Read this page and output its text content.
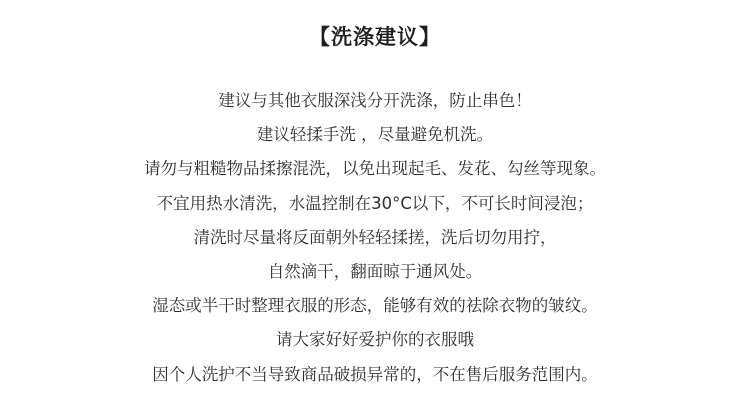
【洗涤建议】
建议与其他衣服深浅分开洗涤，防止串色！
建议轻揉手洗 ，尽量避免机洗。
请勿与粗糙物品揉擦混洗，以免出现起毛、发花、勾丝等现象。
不宜用热水清洗，水温控制在30°C以下，不可长时间浸泡；
清洗时尽量将反面朝外轻轻揉搓，洗后切勿用拧，
自然滴干，翻面晾于通风处。
湿态或半干时整理衣服的形态，能够有效的祛除衣物的皱纹。
请大家好好爱护你的衣服哦
因个人洗护不当导致商品破损异常的，不在售后服务范围内。
